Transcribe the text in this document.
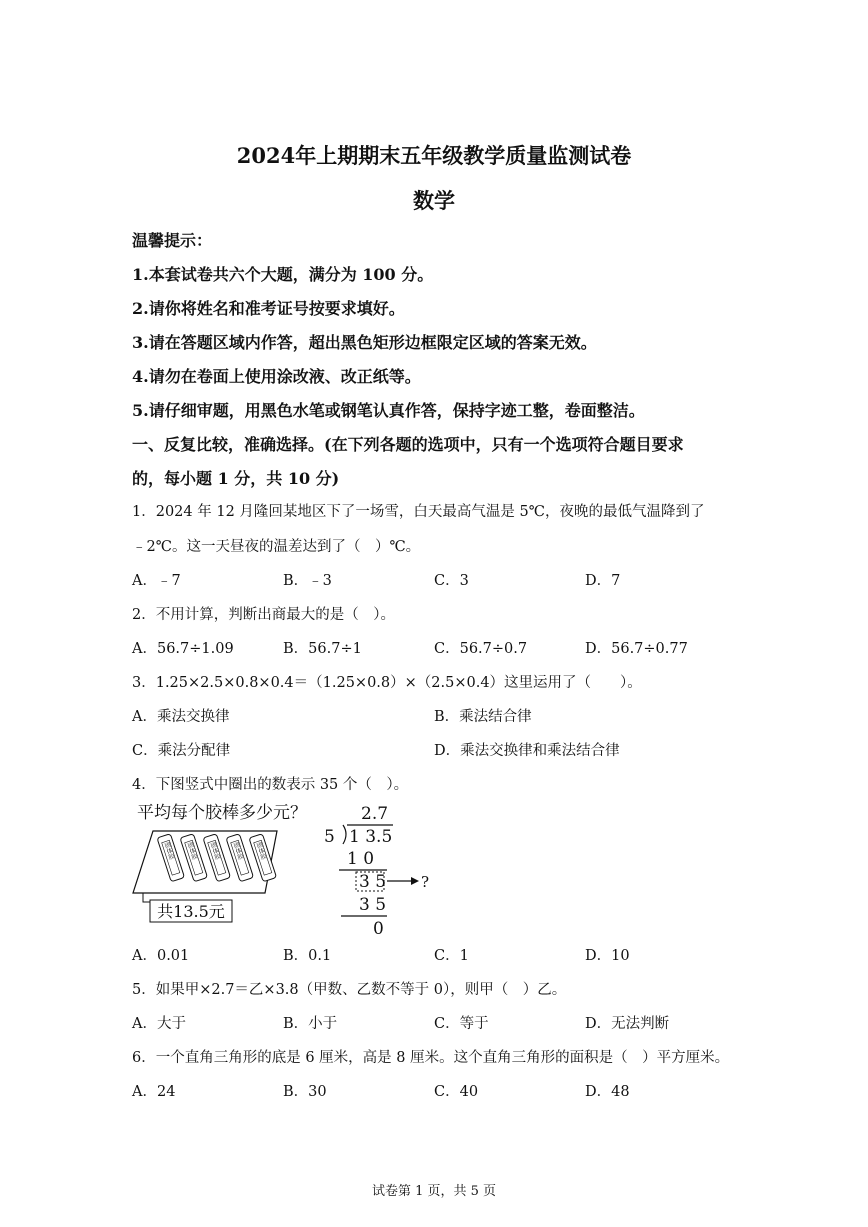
2024年上期期末五年级教学质量监测试卷
数学
温馨提示：
1.本套试卷共六个大题，满分为 100 分。
2.请你将姓名和准考证号按要求填好。
3.请在答题区域内作答，超出黑色矩形边框限定区域的答案无效。
4.请勿在卷面上使用涂改液、改正纸等。
5.请仔细审题，用黑色水笔或钢笔认真作答，保持字迹工整，卷面整洁。
一、反复比较，准确选择。(在下列各题的选项中，只有一个选项符合题目要求
的，每小题 1 分，共 10 分)
1．2024 年 12 月隆回某地区下了一场雪，白天最高气温是 5℃，夜晚的最低气温降到了
﹣2℃。这一天昼夜的温差达到了（　）℃。
A．﹣7	B．﹣3	C．3	D．7
2．不用计算，判断出商最大的是（　）。
A．56.7÷1.09	B．56.7÷1	C．56.7÷0.7	D．56.7÷0.77
3．1.25×2.5×0.8×0.4＝（1.25×0.8）×（2.5×0.4）这里运用了（　　）。
A．乘法交换律	B．乘法结合律
C．乘法分配律	D．乘法交换律和乘法结合律
4．下图竖式中圈出的数表示 35 个（　）。
平均每个胶棒多少元？
固体胶 固体胶 固体胶 固体胶 固体胶
共13.5元
2.7
5 1 3.5
1 0
3 5 ?
3 5
0
A．0.01	B．0.1	C．1	D．10
5．如果甲×2.7＝乙×3.8（甲数、乙数不等于 0），则甲（　）乙。
A．大于	B．小于	C．等于	D．无法判断
6．一个直角三角形的底是 6 厘米，高是 8 厘米。这个直角三角形的面积是（　）平方厘米。
A．24	B．30	C．40	D．48
试卷第 1 页，共 5 页
